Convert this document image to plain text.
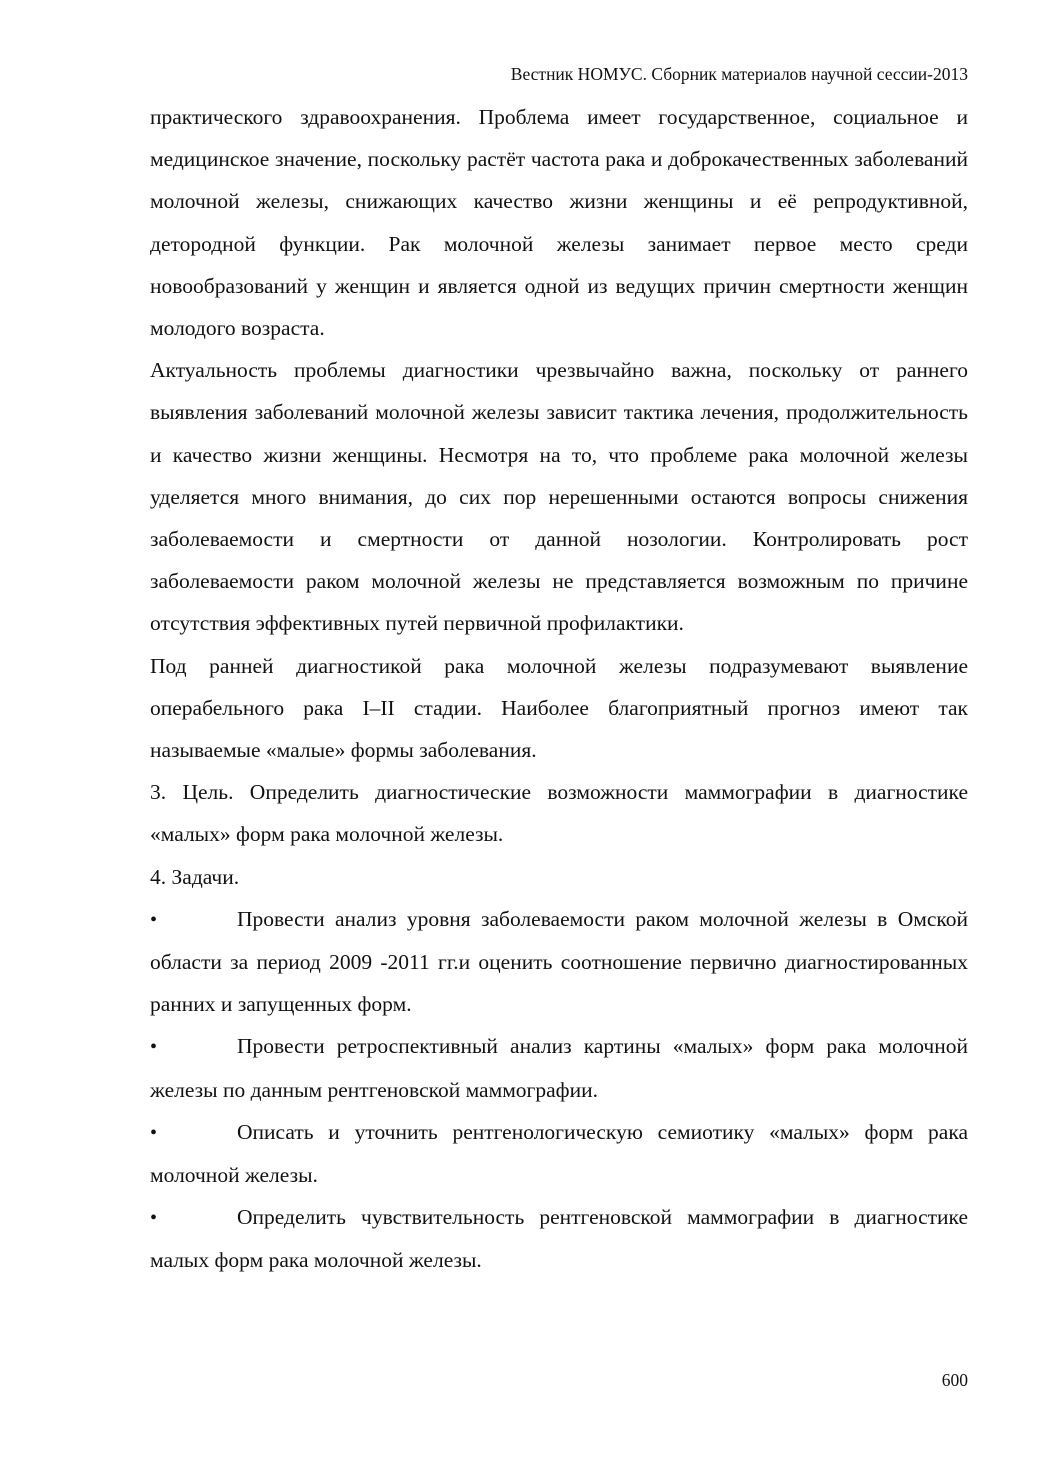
Вестник НОМУС. Сборник материалов научной сессии-2013

практического здравоохранения. Проблема имеет государственное, социальное и медицинское значение, поскольку растёт частота рака и доброкачественных заболеваний молочной железы, снижающих качество жизни женщины и её репродуктивной, детородной функции. Рак молочной железы занимает первое место среди новообразований у женщин и является одной из ведущих причин смертности женщин молодого возраста.

Актуальность проблемы диагностики чрезвычайно важна, поскольку от раннего выявления заболеваний молочной железы зависит тактика лечения, продолжительность и качество жизни женщины. Несмотря на то, что проблеме рака молочной железы уделяется много внимания, до сих пор нерешенными остаются вопросы снижения заболеваемости и смертности от данной нозологии. Контролировать рост заболеваемости раком молочной железы не представляется возможным по причине отсутствия эффективных путей первичной профилактики.

Под ранней диагностикой рака молочной железы подразумевают выявление операбельного рака I–II стадии. Наиболее благоприятный прогноз имеют так называемые «малые» формы заболевания.

3. Цель. Определить диагностические возможности маммографии в диагностике «малых» форм рака молочной железы.

4. Задачи.

•	Провести анализ уровня заболеваемости раком молочной железы в Омской области за период 2009 -2011 гг.и оценить соотношение первично диагностированных ранних и запущенных форм.

•	Провести ретроспективный анализ картины «малых» форм рака молочной железы по данным рентгеновской маммографии.

•	Описать и уточнить рентгенологическую семиотику «малых» форм рака молочной железы.

•	Определить чувствительность рентгеновской маммографии в диагностике малых форм рака молочной железы.

600
